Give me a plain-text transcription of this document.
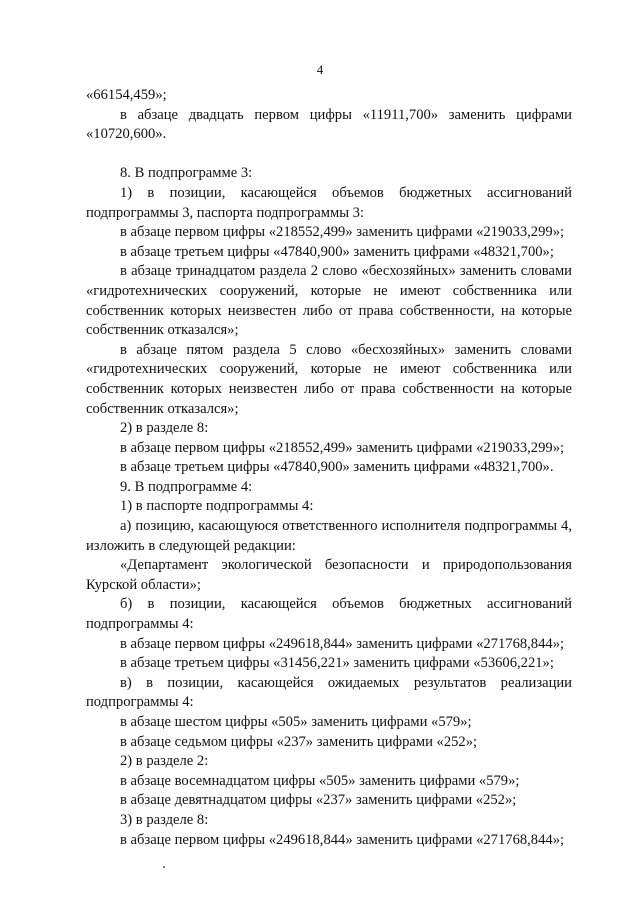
4

«66154,459»;

в абзаце двадцать первом цифры «11911,700» заменить цифрами «10720,600».

8. В подпрограмме 3:

1) в позиции, касающейся объемов бюджетных ассигнований подпрограммы 3, паспорта подпрограммы 3:

в абзаце первом цифры «218552,499» заменить цифрами «219033,299»;

в абзаце третьем цифры «47840,900» заменить цифрами «48321,700»;

в абзаце тринадцатом раздела 2 слово «бесхозяйных» заменить словами «гидротехнических сооружений, которые не имеют собственника или собственник которых неизвестен либо от права собственности, на которые собственник отказался»;

в абзаце пятом раздела 5 слово «бесхозяйных» заменить словами «гидротехнических сооружений, которые не имеют собственника или собственник которых неизвестен либо от права собственности на которые собственник отказался»;

2) в разделе 8:

в абзаце первом цифры «218552,499» заменить цифрами «219033,299»;

в абзаце третьем цифры «47840,900» заменить цифрами «48321,700».

9. В подпрограмме 4:

1) в паспорте подпрограммы 4:

а) позицию, касающуюся ответственного исполнителя подпрограммы 4, изложить в следующей редакции:

«Департамент экологической безопасности и природопользования Курской области»;

б) в позиции, касающейся объемов бюджетных ассигнований подпрограммы 4:

в абзаце первом цифры «249618,844» заменить цифрами «271768,844»;

в абзаце третьем цифры «31456,221» заменить цифрами «53606,221»;

в) в позиции, касающейся ожидаемых результатов реализации подпрограммы 4:

в абзаце шестом цифры «505» заменить цифрами «579»;

в абзаце седьмом цифры «237» заменить цифрами «252»;

2) в разделе 2:

в абзаце восемнадцатом цифры «505» заменить цифрами «579»;

в абзаце девятнадцатом цифры «237» заменить цифрами «252»;

3) в разделе 8:

в абзаце первом цифры «249618,844» заменить цифрами «271768,844»;
